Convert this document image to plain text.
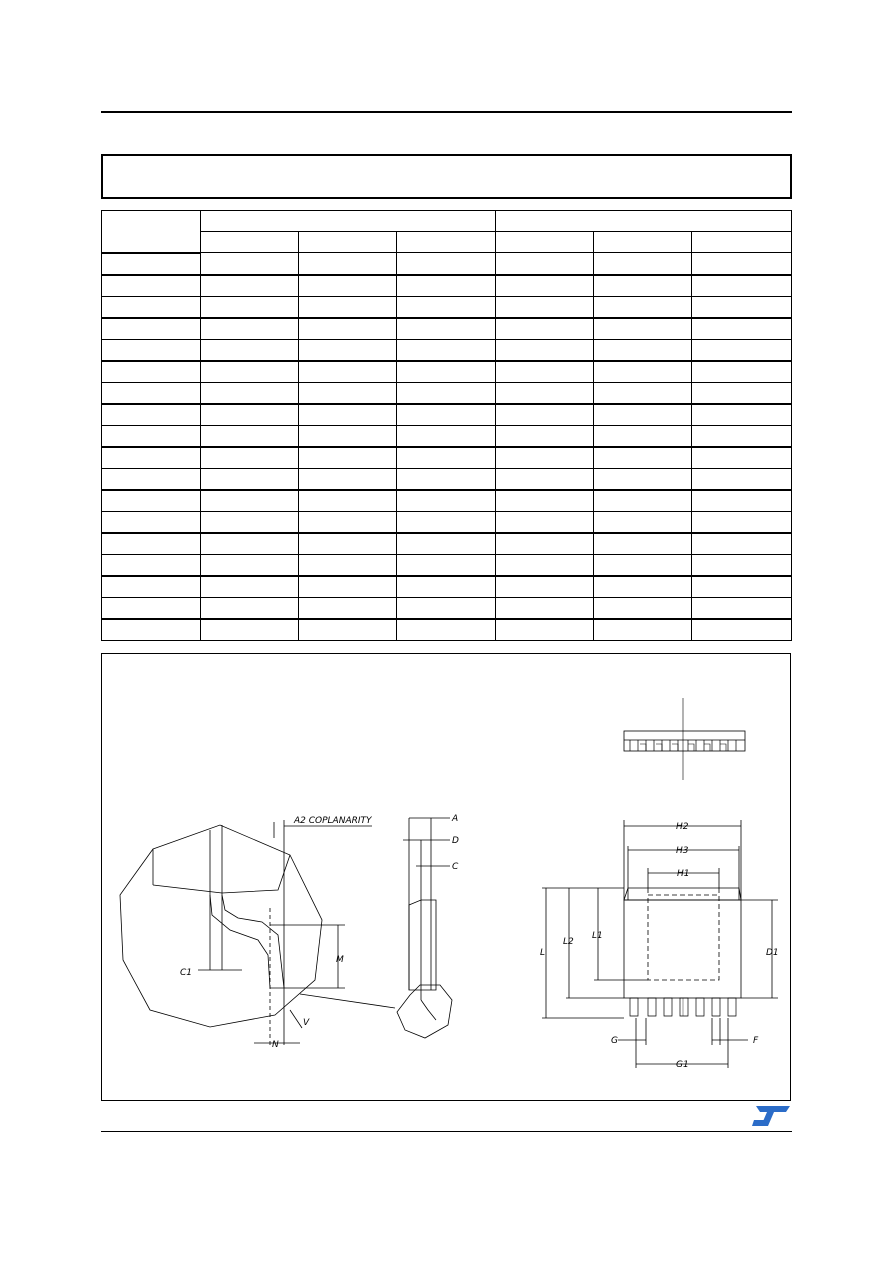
A2 COPLANARITY
C1
M
N
V
A
D
C
H2
H3
H1
L
L2
L1
D1
G	F
G1
